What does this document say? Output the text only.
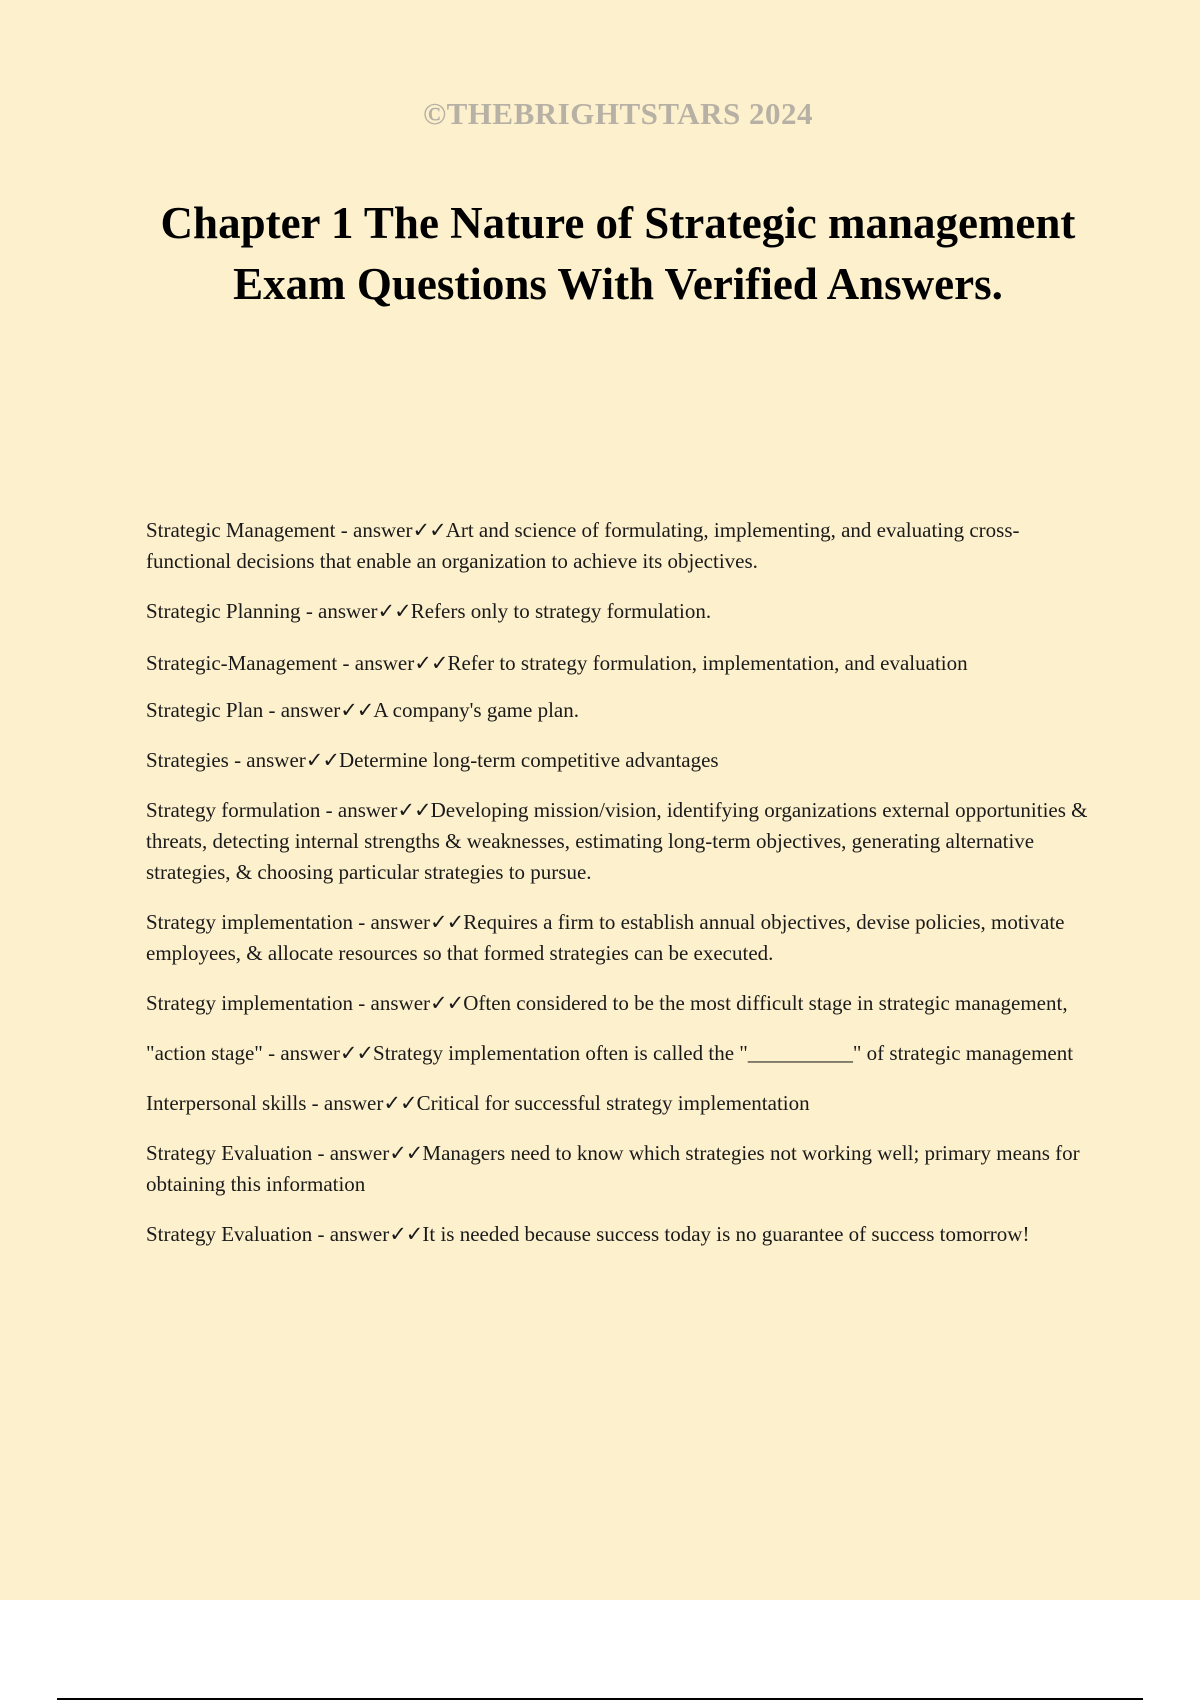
©THEBRIGHTSTARS 2024
Chapter 1 The Nature of Strategic management Exam Questions With Verified Answers.

Strategic Management - answer✓✓Art and science of formulating, implementing, and evaluating cross-functional decisions that enable an organization to achieve its objectives.

Strategic Planning - answer✓✓Refers only to strategy formulation.

Strategic-Management - answer✓✓Refer to strategy formulation, implementation, and evaluation

Strategic Plan - answer✓✓A company's game plan.

Strategies - answer✓✓Determine long-term competitive advantages

Strategy formulation - answer✓✓Developing mission/vision, identifying organizations external opportunities & threats, detecting internal strengths & weaknesses, estimating long-term objectives, generating alternative strategies, & choosing particular strategies to pursue.

Strategy implementation - answer✓✓Requires a firm to establish annual objectives, devise policies, motivate employees, & allocate resources so that formed strategies can be executed.

Strategy implementation - answer✓✓Often considered to be the most difficult stage in strategic management,

"action stage" - answer✓✓Strategy implementation often is called the "__________" of strategic management

Interpersonal skills - answer✓✓Critical for successful strategy implementation

Strategy Evaluation - answer✓✓Managers need to know which strategies not working well; primary means for obtaining this information

Strategy Evaluation - answer✓✓It is needed because success today is no guarantee of success tomorrow!
